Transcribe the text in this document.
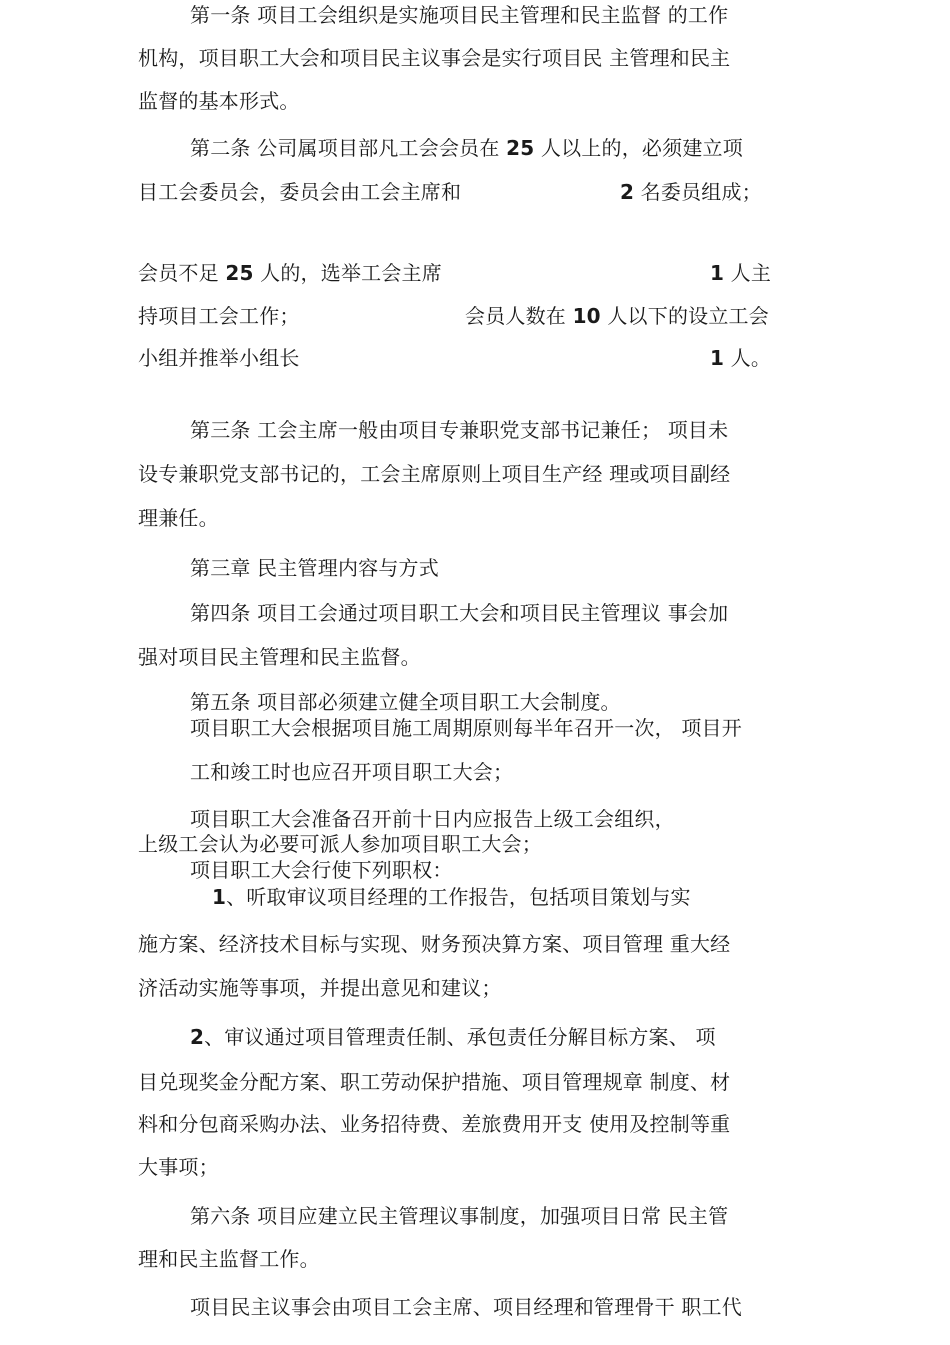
第一条 项目工会组织是实施项目民主管理和民主监督 的工作
机构，项目职工大会和项目民主议事会是实行项目民 主管理和民主
监督的基本形式。
第二条 公司属项目部凡工会会员在 25 人以上的，必须建立项
目工会委员会，委员会由工会主席和	2 名委员组成；
会员不足 25 人的，选举工会主席	1 人主
持项目工会工作；	会员人数在 10 人以下的设立工会
小组并推举小组长	1 人。
第三条 工会主席一般由项目专兼职党支部书记兼任； 项目未
设专兼职党支部书记的，工会主席原则上项目生产经 理或项目副经
理兼任。
第三章 民主管理内容与方式
第四条 项目工会通过项目职工大会和项目民主管理议 事会加
强对项目民主管理和民主监督。
第五条 项目部必须建立健全项目职工大会制度。
项目职工大会根据项目施工周期原则每半年召开一次， 项目开
工和竣工时也应召开项目职工大会；
项目职工大会准备召开前十日内应报告上级工会组织，
上级工会认为必要可派人参加项目职工大会；
项目职工大会行使下列职权：
1、听取审议项目经理的工作报告，包括项目策划与实
施方案、经济技术目标与实现、财务预决算方案、项目管理 重大经
济活动实施等事项，并提出意见和建议；
2、审议通过项目管理责任制、承包责任分解目标方案、 项
目兑现奖金分配方案、职工劳动保护措施、项目管理规章 制度、材
料和分包商采购办法、业务招待费、差旅费用开支 使用及控制等重
大事项；
第六条 项目应建立民主管理议事制度，加强项目日常 民主管
理和民主监督工作。
项目民主议事会由项目工会主席、项目经理和管理骨干 职工代
